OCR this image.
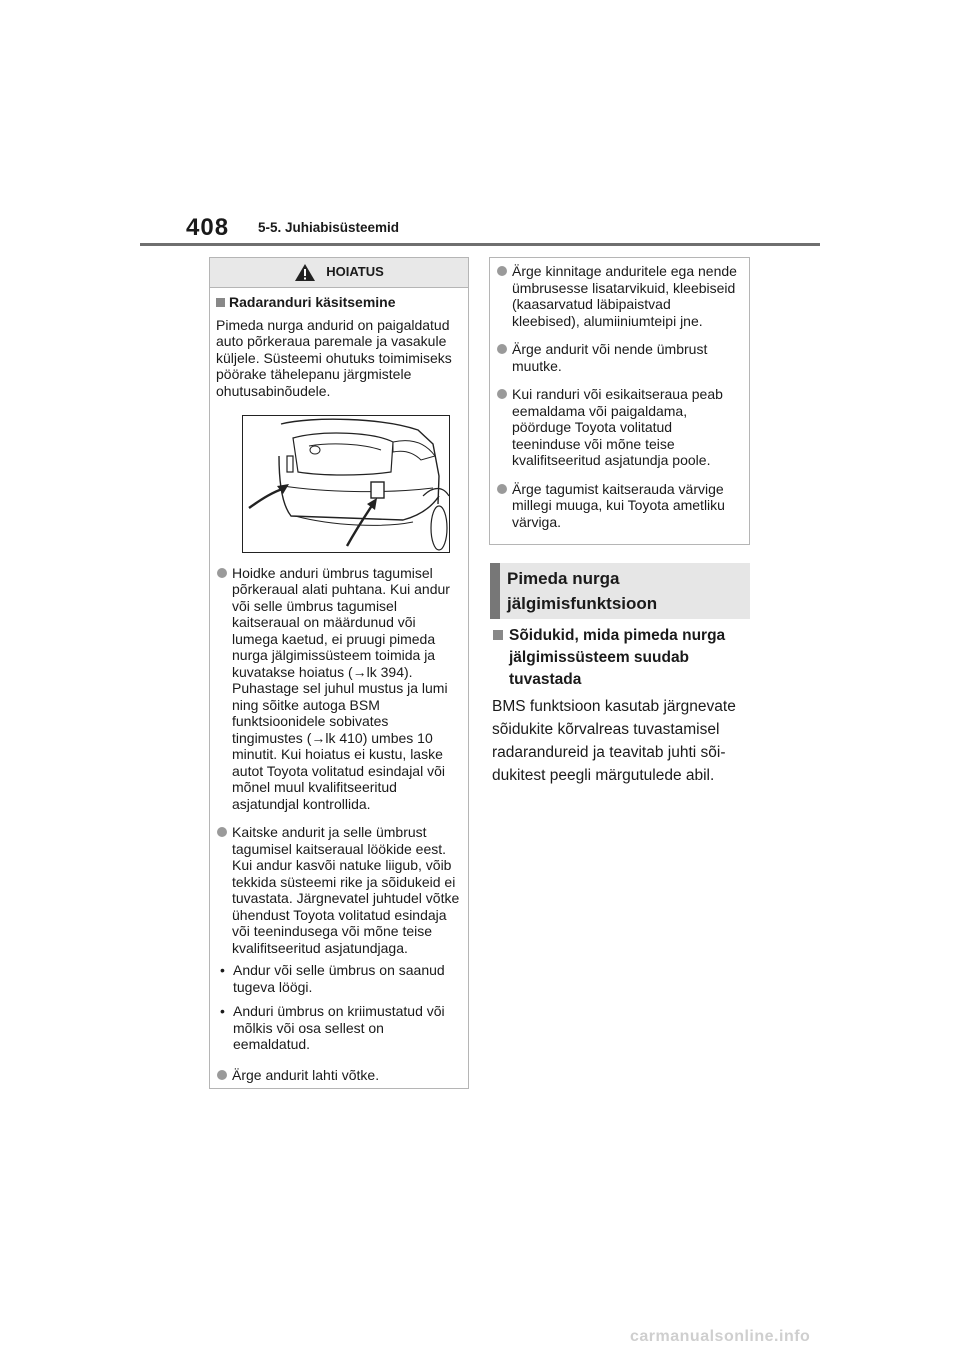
408 5-5. Juhiabisüsteemid
HOIATUS
Radaranduri käsitsemine

Pimeda nurga andurid on paigaldatud auto põrkeraua paremale ja vasakule küljele. Süsteemi ohutuks toimimiseks pöörake tähelepanu järgmistele ohutusabinõudele.

Hoidke anduri ümbrus tagumisel põrkeraual alati puhtana. Kui andur või selle ümbrus tagumisel kaitseraual on määrdunud või lumega kaetud, ei pruugi pimeda nurga jälgimissüsteem toimida ja kuvatakse hoiatus (→lk 394). Puhastage sel juhul mustus ja lumi ning sõitke autoga BSM funktsioonidele sobivates tingimustes (→lk 410) umbes 10 minutit. Kui hoiatus ei kustu, laske autot Toyota volitatud esindajal või mõnel muul kvalifitseeritud asjatundjal kontrollida.

Kaitske andurit ja selle ümbrust tagumisel kaitseraual löökide eest. Kui andur kasvõi natuke liigub, võib tekkida süsteemi rike ja sõidukeid ei tuvastata. Järgnevatel juhtudel võtke ühendust Toyota volitatud esindaja või teenindusega või mõne teise kvalifitseeritud asjatundjaga.

• Andur või selle ümbrus on saanud tugeva löögi.

• Anduri ümbrus on kriimustatud või mõlkis või osa sellest on eemaldatud.

Ärge andurit lahti võtke.

Ärge kinnitage anduritele ega nende ümbrusesse lisatarvikuid, kleebiseid (kaasarvatud läbipaistvad kleebised), alumiiniumteipi jne.

Ärge andurit või nende ümbrust muutke.

Kui randuri või esikaitseraua peab eemaldama või paigaldama, pöörduge Toyota volitatud teeninduse või mõne teise kvalifitseeritud asjatundja poole.

Ärge tagumist kaitserauda värvige millegi muuga, kui Toyota ametliku värviga.

Pimeda nurga
jälgimisfunktsioon
Sõidukid, mida pimeda nurga
jälgimissüsteem suudab
tuvastada
BMS funktsioon kasutab järgnevate
sõidukite kõrvalreas tuvastamisel
radarandureid ja teavitab juhti sõi-
dukitest peegli märgutulede abil.
carmanualsonline.info
